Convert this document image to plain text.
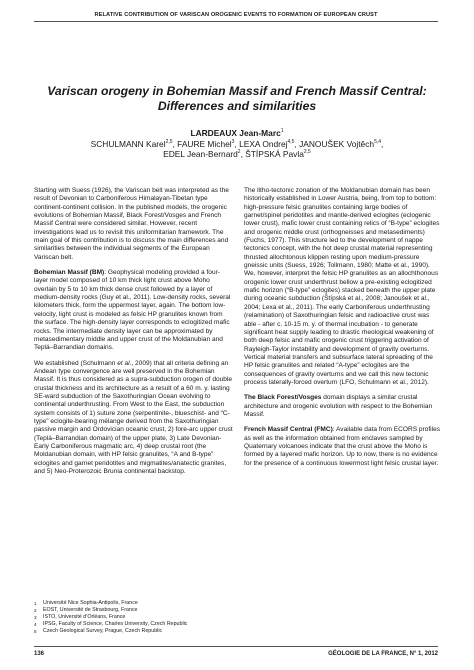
RELATIVE CONTRIBUTION OF VARISCAN OROGENIC EVENTS TO FORMATION OF EUROPEAN CRUST
Variscan orogeny in Bohemian Massif and French Massif Central:
Differences and similarities
LARDEAUX Jean-Marc$^1$
SCHULMANN Karel$^{2,5}$, FAURE Michel$^3$, LEXA Ondrej$^{4,5}$, JANOUŠEK Vojtěch$^{5,4}$,
EDEL Jean-Bernard$^2$, ŠTÍPSKÁ Pavla$^{2,5}$

Starting with Suess (1926), the Variscan belt was interpreted as the result of Devonian to Carboniferous Himalayan-Tibetan type continent-continent collision. In the published models, the orogenic evolutions of Bohemian Massif, Black Forest/Vosges and French Massif Central were considered similar. However, recent investigations lead us to revisit this uniformitarian framework. The main goal of this contribution is to discuss the main differences and similarities between the individual segments of the European Variscan belt.

Bohemian Massif (BM): Geophysical modeling provided a four-layer model composed of 10 km thick light crust above Moho overlain by 5 to 10 km thick dense crust followed by a layer of medium-density rocks (Guy et al., 2011). Low-density rocks, several kilometers thick, form the uppermost layer, again. The bottom low-velocity, light crust is modeled as felsic HP granulites known from the surface. The high-density layer corresponds to eclogitized mafic rocks. The intermediate density layer can be approximated by metasedimentary middle and upper crust of the Moldanubian and Teplá–Barrandian domains.

We established (Schulmann et al., 2009) that all criteria defining an Andean type convergence are well preserved in the Bohemian Massif. It is thus considered as a supra-subduction orogen of double crustal thickness and its architecture as a result of a 60 m. y. lasting SE-ward subduction of the Saxothuringian Ocean evolving to continental underthrusting. From West to the East, the subduction system consists of 1) suture zone (serpentinite-, blueschist- and “C-type” eclogite-bearing mélange derived from the Saxothuringian passive margin and Ordovician oceanic crust, 2) fore-arc upper crust (Teplá–Barrandian domain) of the upper plate, 3) Late Devonian-Early Carboniferous magmatic arc, 4) deep crustal root (the Moldanubian domain, with HP felsic granulites, “A and B-type” eclogites and garnet peridotites and migmatites/anatectic granites, and 5) Neo-Proterozoic Brunia continental backstop.

The litho-tectonic zonation of the Moldanubian domain has been historically established in Lower Austria, being, from top to bottom: high-pressure felsic granulites containing large bodies of garnet/spinel peridotites and mantle-derived eclogites (eclogenic lower crust), mafic lower crust containing relics of “B-type” eclogites and orogenic middle crust (orthogneisses and metasediments) (Fuchs, 1977). This structure led to the development of nappe tectonics concept, with the hot deep crustal material representing thrusted allochtonous klippen resting upon medium-pressure gneissic units (Suess, 1926; Tollmann, 1980; Matte et al., 1990). We, however, interpret the felsic HP granulites as an allochthonous orogenic lower crust underthrust bellow a pre-existing eclogitized mafic horizon (“B-type” eclogites) stacked beneath the upper plate during oceanic subduction (Štípská et al., 2008; Janoušek et al., 2004; Lexa et al., 2011). The early Carboniferous underthrusting (relamination) of Saxothuringian felsic and radioactive crust was able - after c. 10-15 m. y. of thermal incubation - to generate significant heat supply leading to drastic rheological weakening of both deep felsic and mafic orogenic crust triggering activation of Rayleigh-Taylor instability and development of gravity overturns. Vertical material transfers and subsurface lateral spreading of the HP felsic granulites and related “A-type” eclogites are the consequences of gravity overturns and we call this new tectonic process laterally-forced overturn (LFO, Schulmann et al., 2012).

The Black Forest/Vosges domain displays a similar crustal architecture and orogenic evolution with respect to the Bohemian Massif.

French Massif Central (FMC): Available data from ECORS profiles as well as the information obtained from enclaves sampled by Quaternary volcanoes indicate that the crust above the Moho is formed by a layered mafic horizon. Up to now, there is no evidence for the presence of a continuous lowermost light felsic crustal layer.

1 Université Nice Sophia-Antipolis, France
2 EOST, Université de Strasbourg, France
3 ISTO, Université d’Orléans, France
4 IPSG, Faculty of Science, Charles University, Czech Republic
5 Czech Geological Survey, Prague, Czech Republic
136	GÉOLOGIE DE LA FRANCE, N° 1, 2012
